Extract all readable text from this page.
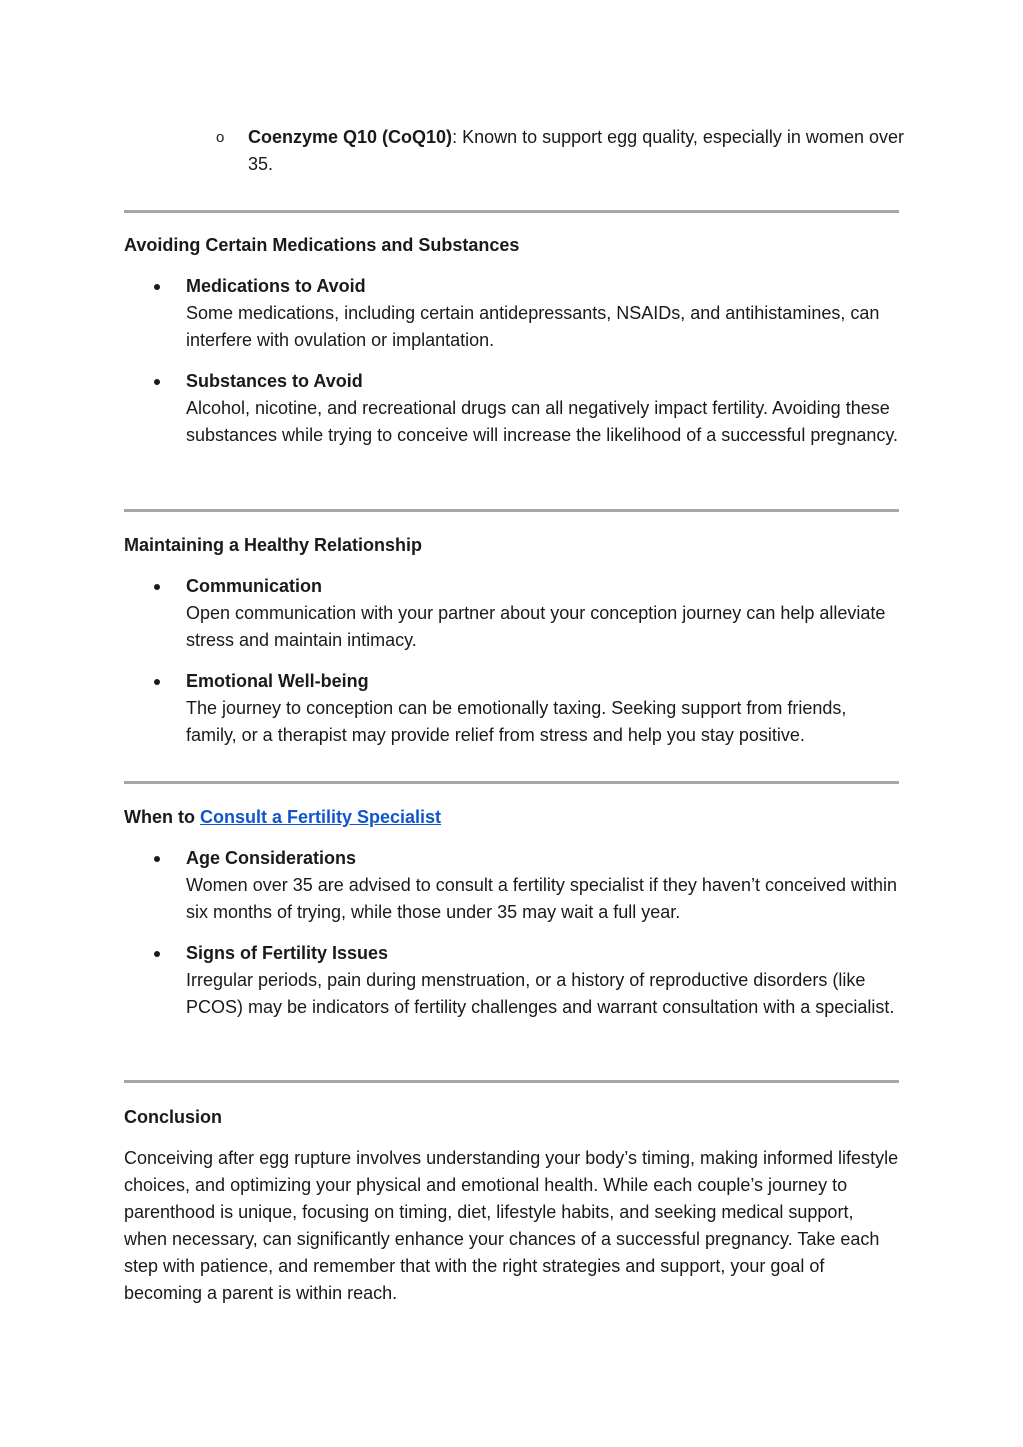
o Coenzyme Q10 (CoQ10): Known to support egg quality, especially in women over 35.
Avoiding Certain Medications and Substances
Medications to Avoid
Some medications, including certain antidepressants, NSAIDs, and antihistamines, can interfere with ovulation or implantation.
Substances to Avoid
Alcohol, nicotine, and recreational drugs can all negatively impact fertility. Avoiding these substances while trying to conceive will increase the likelihood of a successful pregnancy.
Maintaining a Healthy Relationship
Communication
Open communication with your partner about your conception journey can help alleviate stress and maintain intimacy.
Emotional Well-being
The journey to conception can be emotionally taxing. Seeking support from friends, family, or a therapist may provide relief from stress and help you stay positive.
When to Consult a Fertility Specialist
Age Considerations
Women over 35 are advised to consult a fertility specialist if they haven’t conceived within six months of trying, while those under 35 may wait a full year.
Signs of Fertility Issues
Irregular periods, pain during menstruation, or a history of reproductive disorders (like PCOS) may be indicators of fertility challenges and warrant consultation with a specialist.
Conclusion

Conceiving after egg rupture involves understanding your body’s timing, making informed lifestyle choices, and optimizing your physical and emotional health. While each couple’s journey to parenthood is unique, focusing on timing, diet, lifestyle habits, and seeking medical support, when necessary, can significantly enhance your chances of a successful pregnancy. Take each step with patience, and remember that with the right strategies and support, your goal of becoming a parent is within reach.
